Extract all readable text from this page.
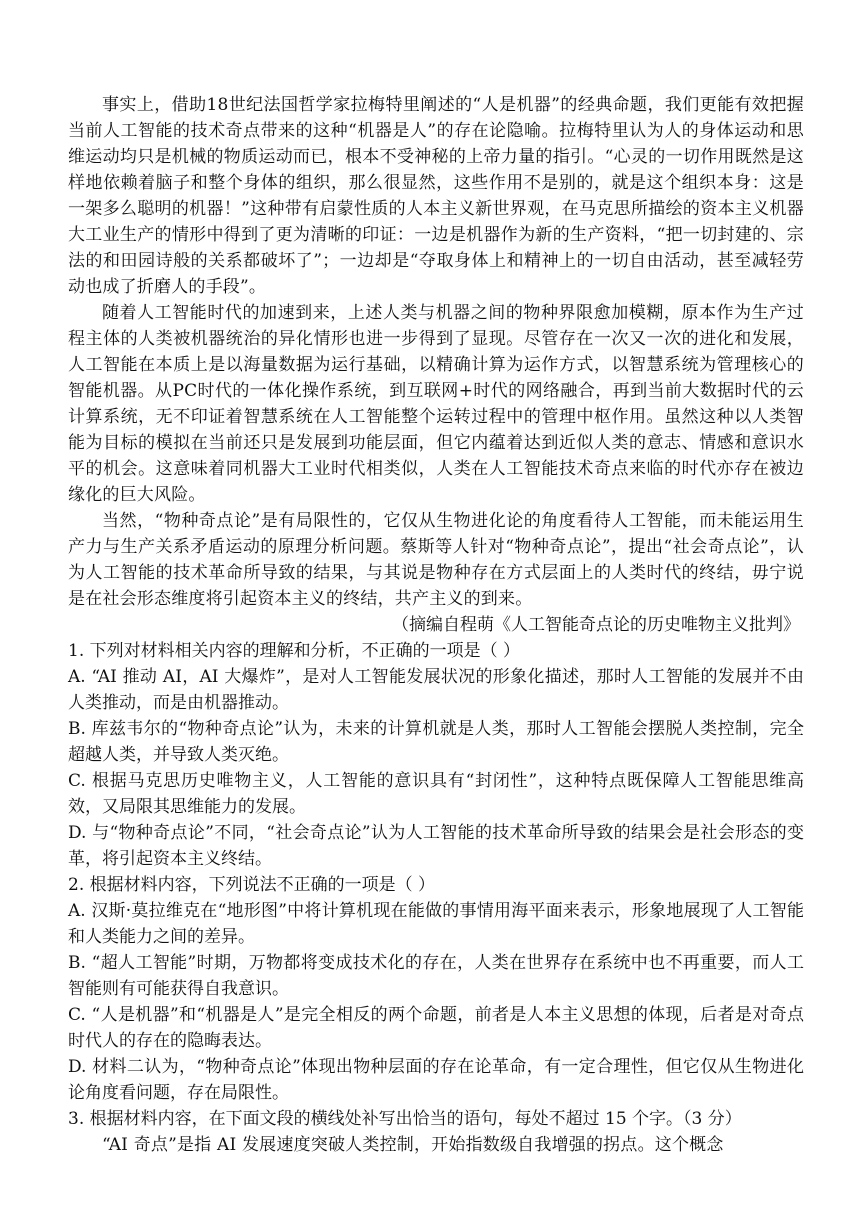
事实上，借助18世纪法国哲学家拉梅特里阐述的“人是机器”的经典命题，我们更能有效把握当前人工智能的技术奇点带来的这种“机器是人”的存在论隐喻。拉梅特里认为人的身体运动和思维运动均只是机械的物质运动而已，根本不受神秘的上帝力量的指引。“心灵的一切作用既然是这样地依赖着脑子和整个身体的组织，那么很显然，这些作用不是别的，就是这个组织本身：这是一架多么聪明的机器！”这种带有启蒙性质的人本主义新世界观，在马克思所描绘的资本主义机器大工业生产的情形中得到了更为清晰的印证：一边是机器作为新的生产资料，“把一切封建的、宗法的和田园诗般的关系都破坏了”；一边却是“夺取身体上和精神上的一切自由活动，甚至减轻劳动也成了折磨人的手段”。

随着人工智能时代的加速到来，上述人类与机器之间的物种界限愈加模糊，原本作为生产过程主体的人类被机器统治的异化情形也进一步得到了显现。尽管存在一次又一次的进化和发展，人工智能在本质上是以海量数据为运行基础，以精确计算为运作方式，以智慧系统为管理核心的智能机器。从PC时代的一体化操作系统，到互联网+时代的网络融合，再到当前大数据时代的云计算系统，无不印证着智慧系统在人工智能整个运转过程中的管理中枢作用。虽然这种以人类智能为目标的模拟在当前还只是发展到功能层面，但它内蕴着达到近似人类的意志、情感和意识水平的机会。这意味着同机器大工业时代相类似，人类在人工智能技术奇点来临的时代亦存在被边缘化的巨大风险。

当然，“物种奇点论”是有局限性的，它仅从生物进化论的角度看待人工智能，而未能运用生产力与生产关系矛盾运动的原理分析问题。蔡斯等人针对“物种奇点论”，提出“社会奇点论”，认为人工智能的技术革命所导致的结果，与其说是物种存在方式层面上的人类时代的终结，毋宁说是在社会形态维度将引起资本主义的终结，共产主义的到来。

（摘编自程萌《人工智能奇点论的历史唯物主义批判》

1. 下列对材料相关内容的理解和分析，不正确的一项是（ ）

A. “AI 推动 AI，AI 大爆炸”，是对人工智能发展状况的形象化描述，那时人工智能的发展并不由人类推动，而是由机器推动。

B. 库兹韦尔的“物种奇点论”认为，未来的计算机就是人类，那时人工智能会摆脱人类控制，完全超越人类，并导致人类灭绝。

C. 根据马克思历史唯物主义，人工智能的意识具有“封闭性”，这种特点既保障人工智能思维高效，又局限其思维能力的发展。

D. 与“物种奇点论”不同，“社会奇点论”认为人工智能的技术革命所导致的结果会是社会形态的变革，将引起资本主义终结。

2. 根据材料内容，下列说法不正确的一项是（ ）

A. 汉斯·莫拉维克在“地形图”中将计算机现在能做的事情用海平面来表示，形象地展现了人工智能和人类能力之间的差异。

B. “超人工智能”时期，万物都将变成技术化的存在，人类在世界存在系统中也不再重要，而人工智能则有可能获得自我意识。

C. “人是机器”和“机器是人”是完全相反的两个命题，前者是人本主义思想的体现，后者是对奇点时代人的存在的隐晦表达。

D. 材料二认为，“物种奇点论”体现出物种层面的存在论革命，有一定合理性，但它仅从生物进化论角度看问题，存在局限性。

3. 根据材料内容，在下面文段的横线处补写出恰当的语句，每处不超过 15 个字。（3 分）

“AI 奇点”是指 AI 发展速度突破人类控制，开始指数级自我增强的拐点。这个概念
